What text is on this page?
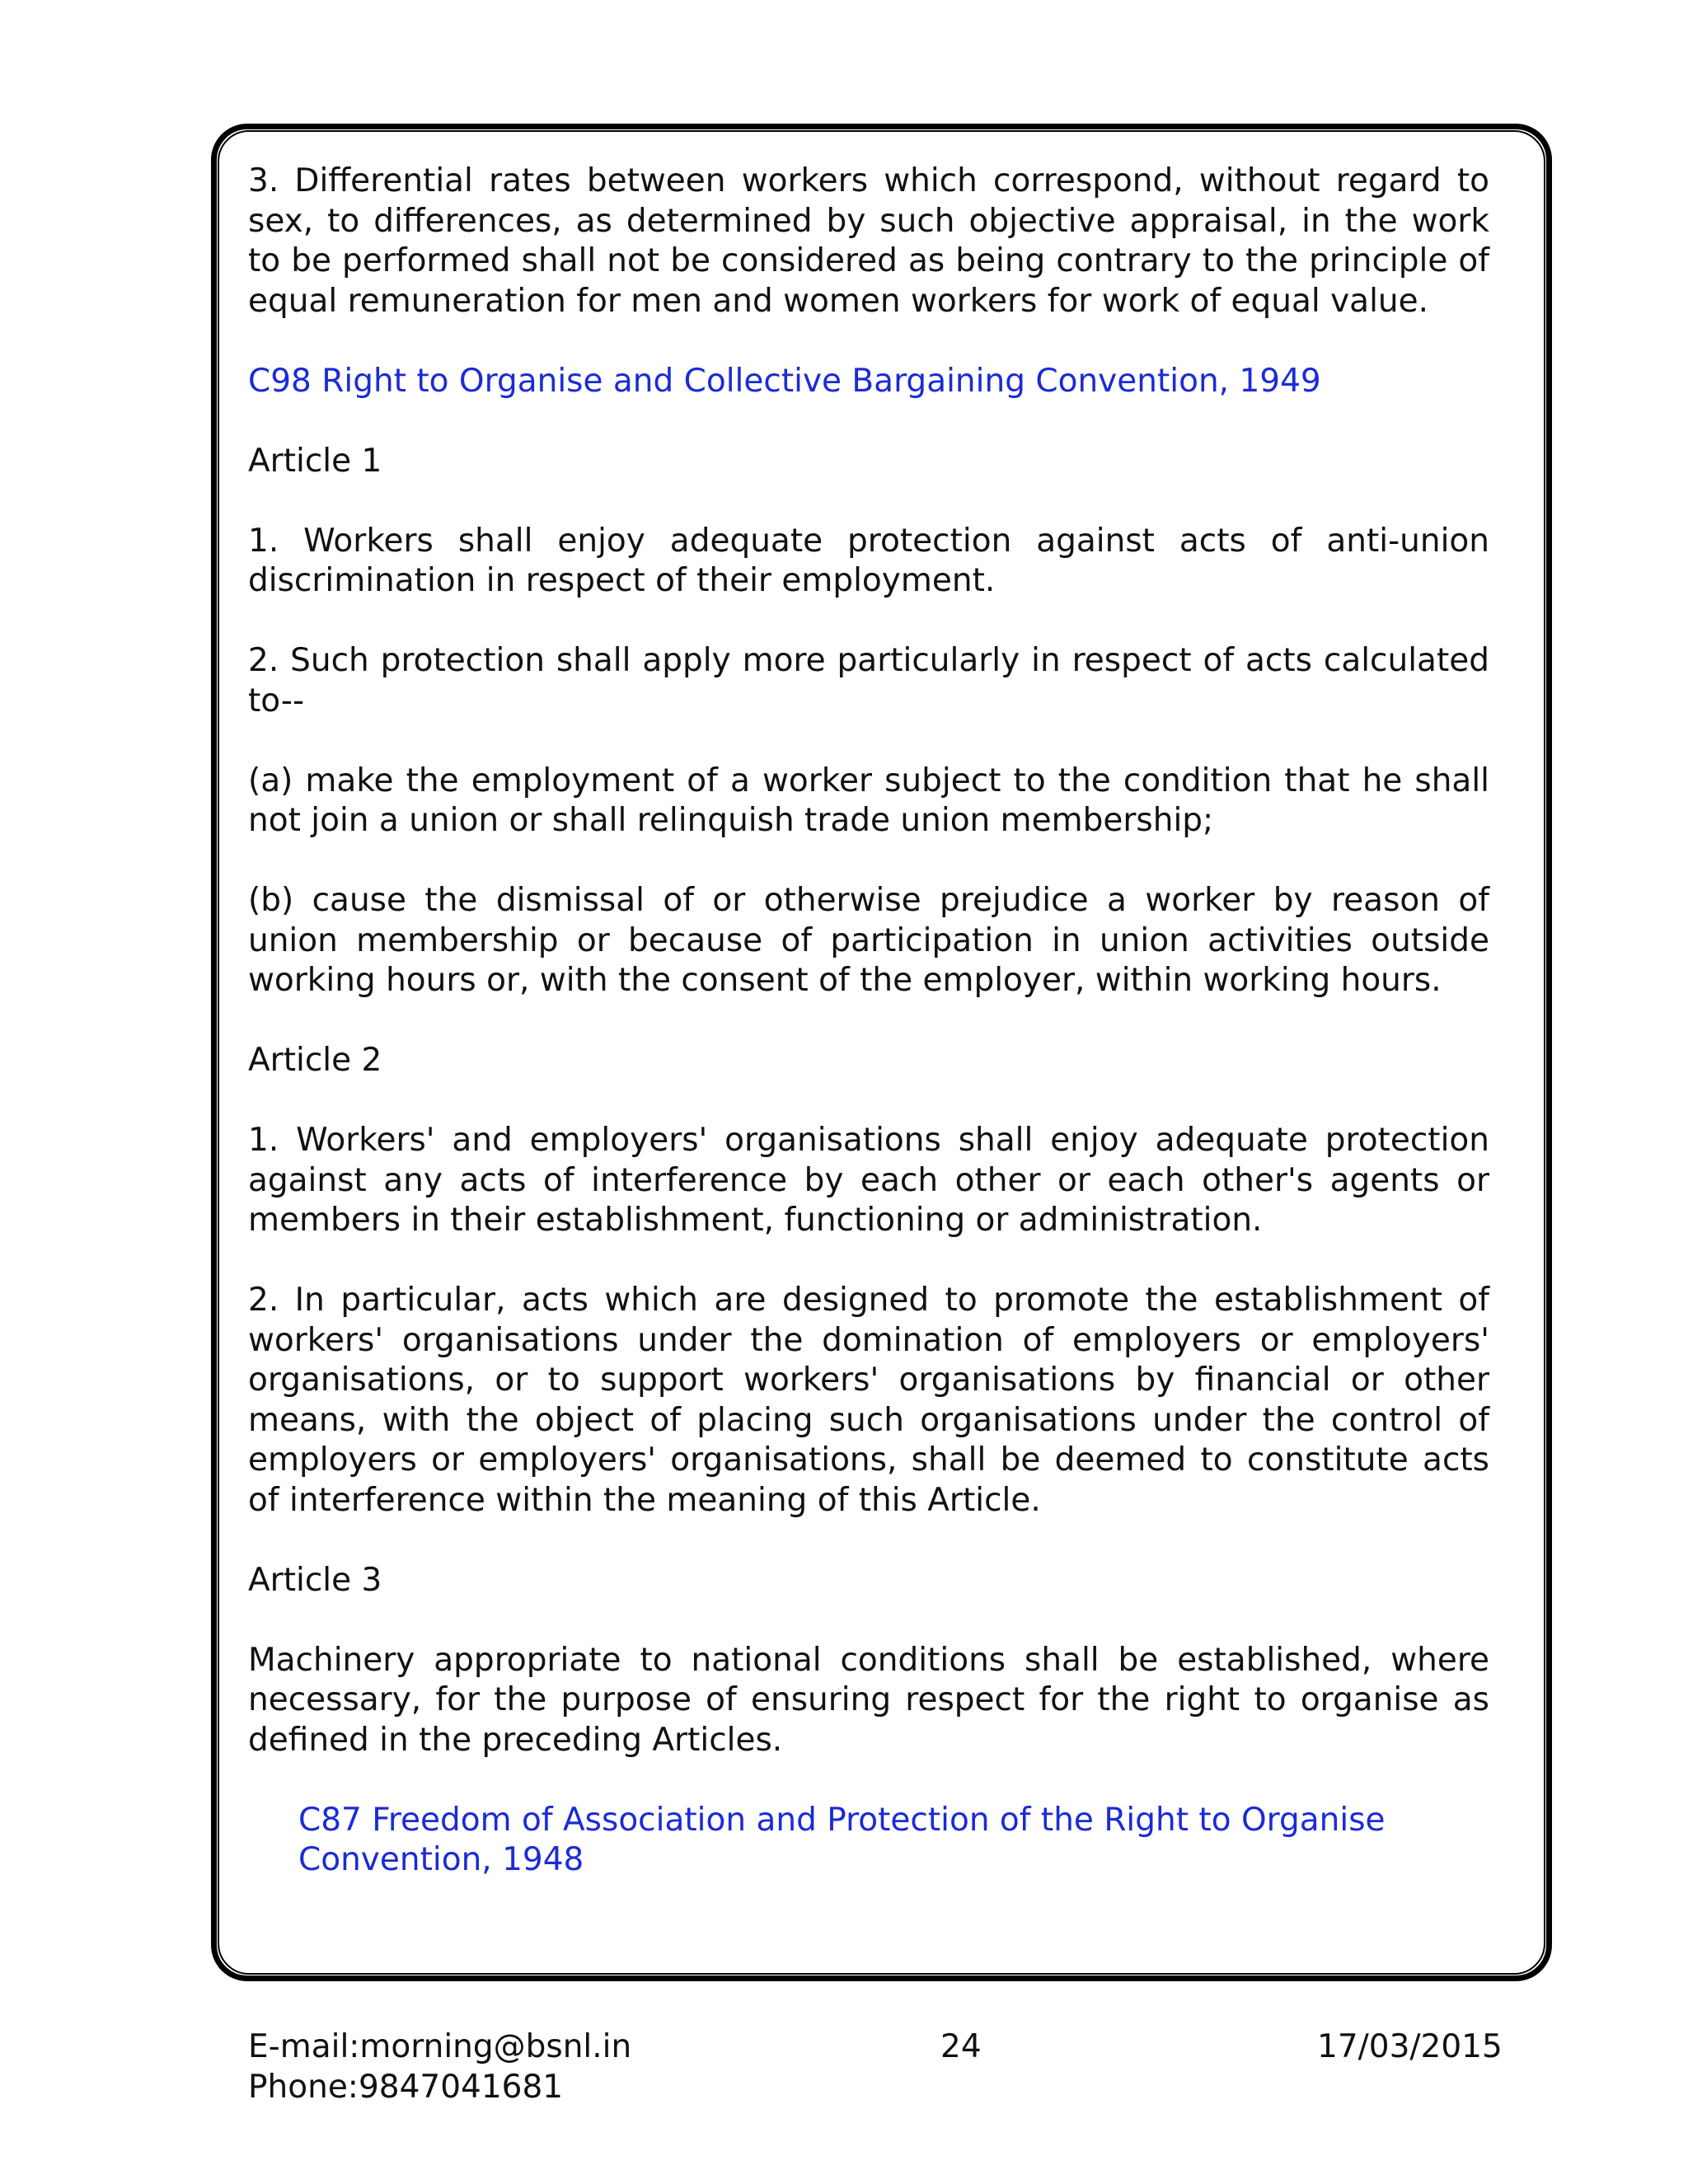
3. Differential rates between workers which correspond, without regard to sex, to differences, as determined by such objective appraisal, in the work to be performed shall not be considered as being contrary to the principle of equal remuneration for men and women workers for work of equal value.

C98 Right to Organise and Collective Bargaining Convention, 1949

Article 1

1. Workers shall enjoy adequate protection against acts of anti-union discrimination in respect of their employment.

2. Such protection shall apply more particularly in respect of acts calculated to--

(a) make the employment of a worker subject to the condition that he shall not join a union or shall relinquish trade union membership;

(b) cause the dismissal of or otherwise prejudice a worker by reason of union membership or because of participation in union activities outside working hours or, with the consent of the employer, within working hours.

Article 2

1. Workers' and employers' organisations shall enjoy adequate protection against any acts of interference by each other or each other's agents or members in their establishment, functioning or administration.

2. In particular, acts which are designed to promote the establishment of workers' organisations under the domination of employers or employers' organisations, or to support workers' organisations by financial or other means, with the object of placing such organisations under the control of employers or employers' organisations, shall be deemed to constitute acts of interference within the meaning of this Article.

Article 3

Machinery appropriate to national conditions shall be established, where necessary, for the purpose of ensuring respect for the right to organise as defined in the preceding Articles.

C87 Freedom of Association and Protection of the Right to Organise Convention, 1948

E-mail:morning@bsnl.in
Phone:9847041681
24	17/03/2015
